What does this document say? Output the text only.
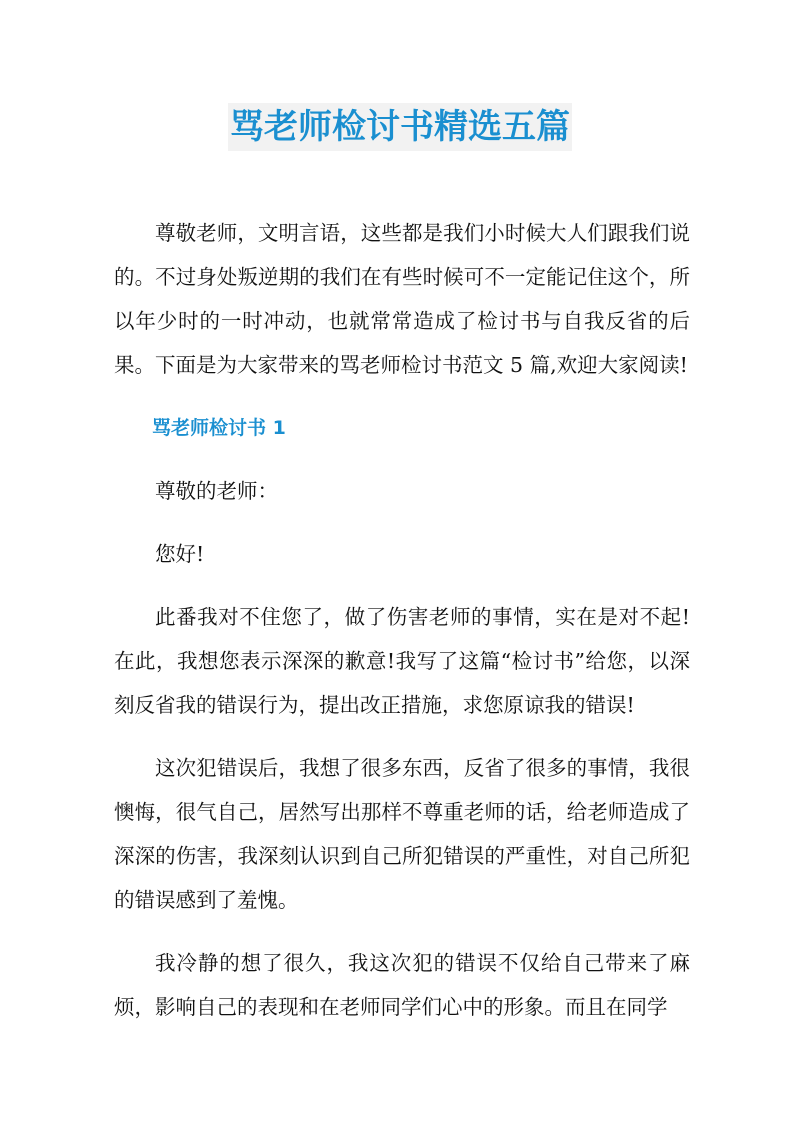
骂老师检讨书精选五篇

尊敬老师，文明言语，这些都是我们小时候大人们跟我们说的。不过身处叛逆期的我们在有些时候可不一定能记住这个，所以年少时的一时冲动，也就常常造成了检讨书与自我反省的后果。下面是为大家带来的骂老师检讨书范文 5 篇,欢迎大家阅读!

骂老师检讨书 1

尊敬的老师：

您好!

此番我对不住您了，做了伤害老师的事情，实在是对不起!在此，我想您表示深深的歉意!我写了这篇“检讨书”给您，以深刻反省我的错误行为，提出改正措施，求您原谅我的错误!

这次犯错误后，我想了很多东西，反省了很多的事情，我很懊悔，很气自己，居然写出那样不尊重老师的话，给老师造成了深深的伤害，我深刻认识到自己所犯错误的严重性，对自己所犯的错误感到了羞愧。

我冷静的想了很久，我这次犯的错误不仅给自己带来了麻烦，影响自己的表现和在老师同学们心中的形象。而且在同学
